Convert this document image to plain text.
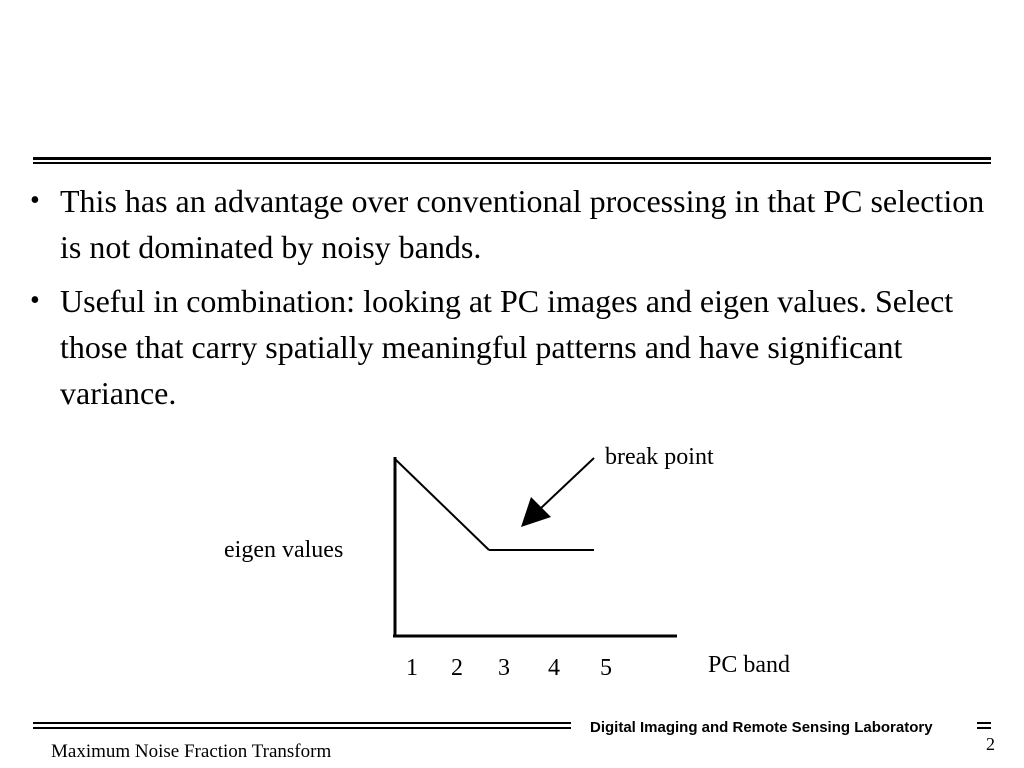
• This has an advantage over conventional processing in that PC selection is not dominated by noisy bands.
• Useful in combination: looking at PC images and eigen values. Select those that carry spatially meaningful patterns and have significant variance.
break point
eigen values
PC band
1 2 3 4 5
Digital Imaging and Remote Sensing Laboratory
2
Maximum Noise Fraction Transform
